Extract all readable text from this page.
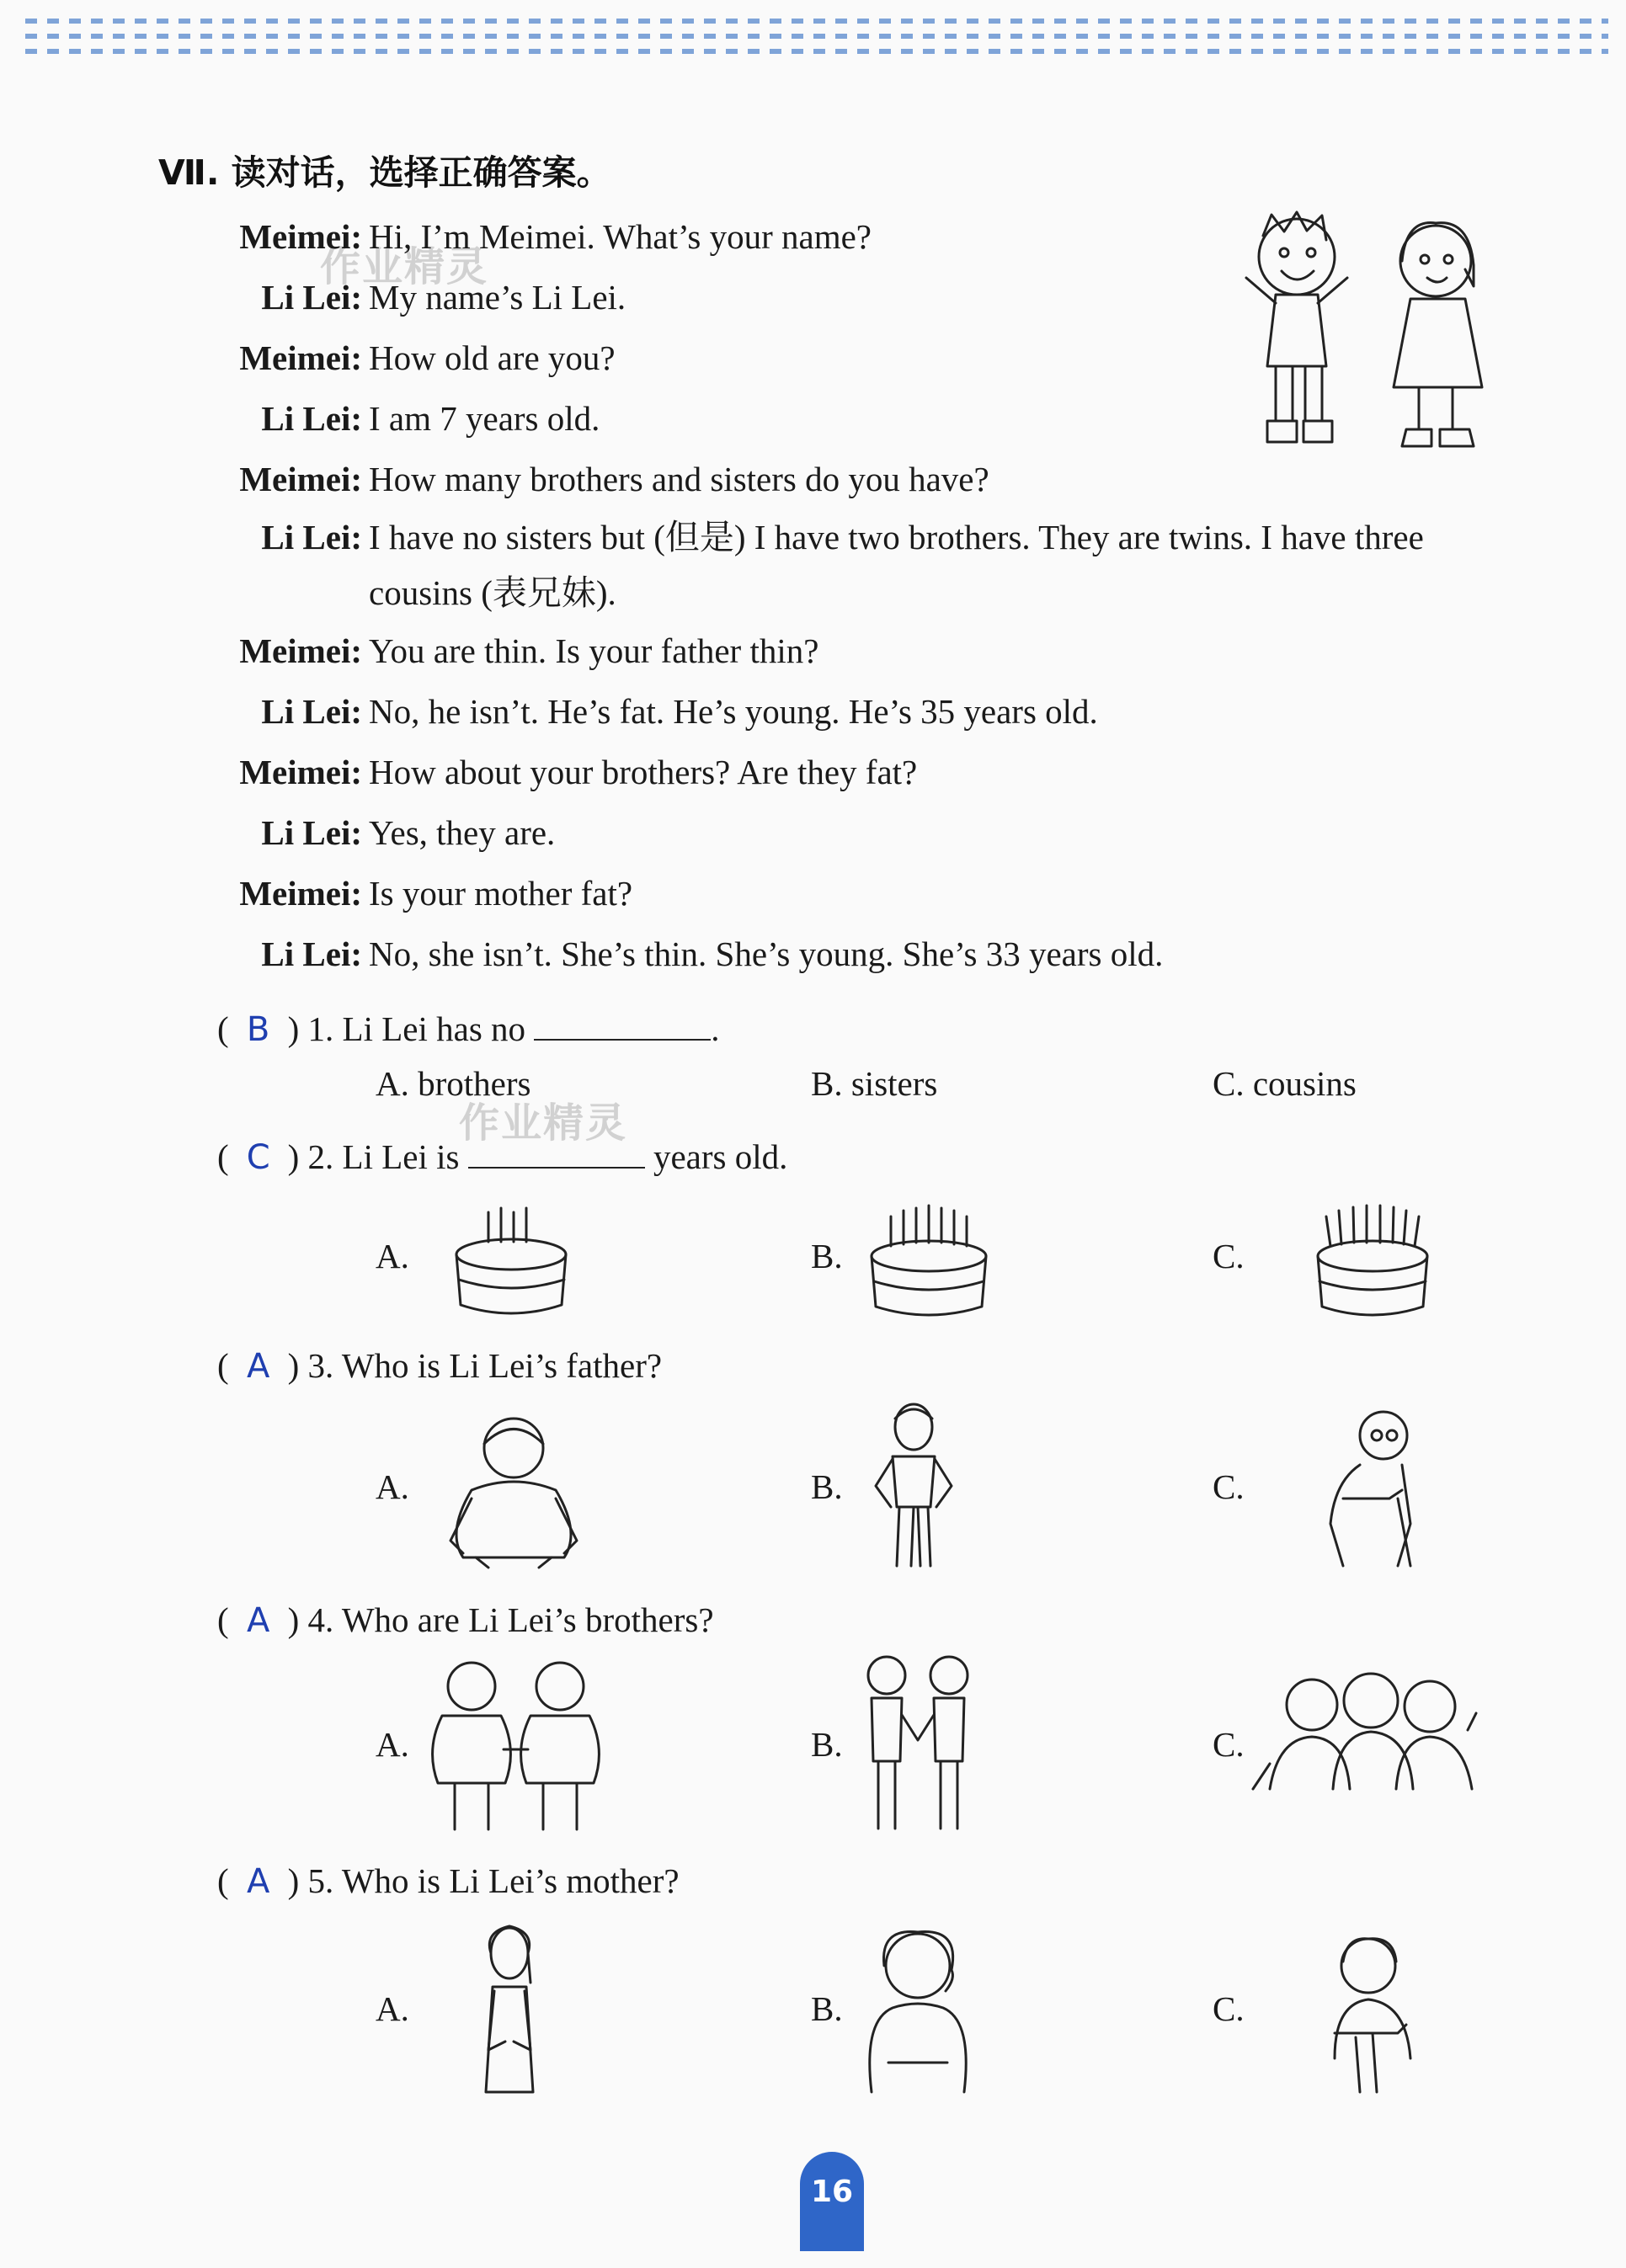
Ⅶ. 读对话，选择正确答案。
作业精灵
作业精灵
Meimei: Hi, I’m Meimei. What’s your name?
Li Lei: My name’s Li Lei.
Meimei: How old are you?
Li Lei: I am 7 years old.
Meimei: How many brothers and sisters do you have?
Li Lei: I have no sisters but (但是) I have two brothers. They are twins. I have three cousins (表兄妹).
Meimei: You are thin. Is your father thin?
Li Lei: No, he isn’t. He’s fat. He’s young. He’s 35 years old.
Meimei: How about your brothers? Are they fat?
Li Lei: Yes, they are.
Meimei: Is your mother fat?
Li Lei: No, she isn’t. She’s thin. She’s young. She’s 33 years old.
( B ) 1. Li Lei has no	.
A. brothers	B. sisters	C. cousins
( C ) 2. Li Lei is	years old.
A.	B.	C.
( A ) 3. Who is Li Lei’s father?
A.	B.	C.
( A ) 4. Who are Li Lei’s brothers?
A.	B.	C.
( A ) 5. Who is Li Lei’s mother?
A.	B.	C.
16
